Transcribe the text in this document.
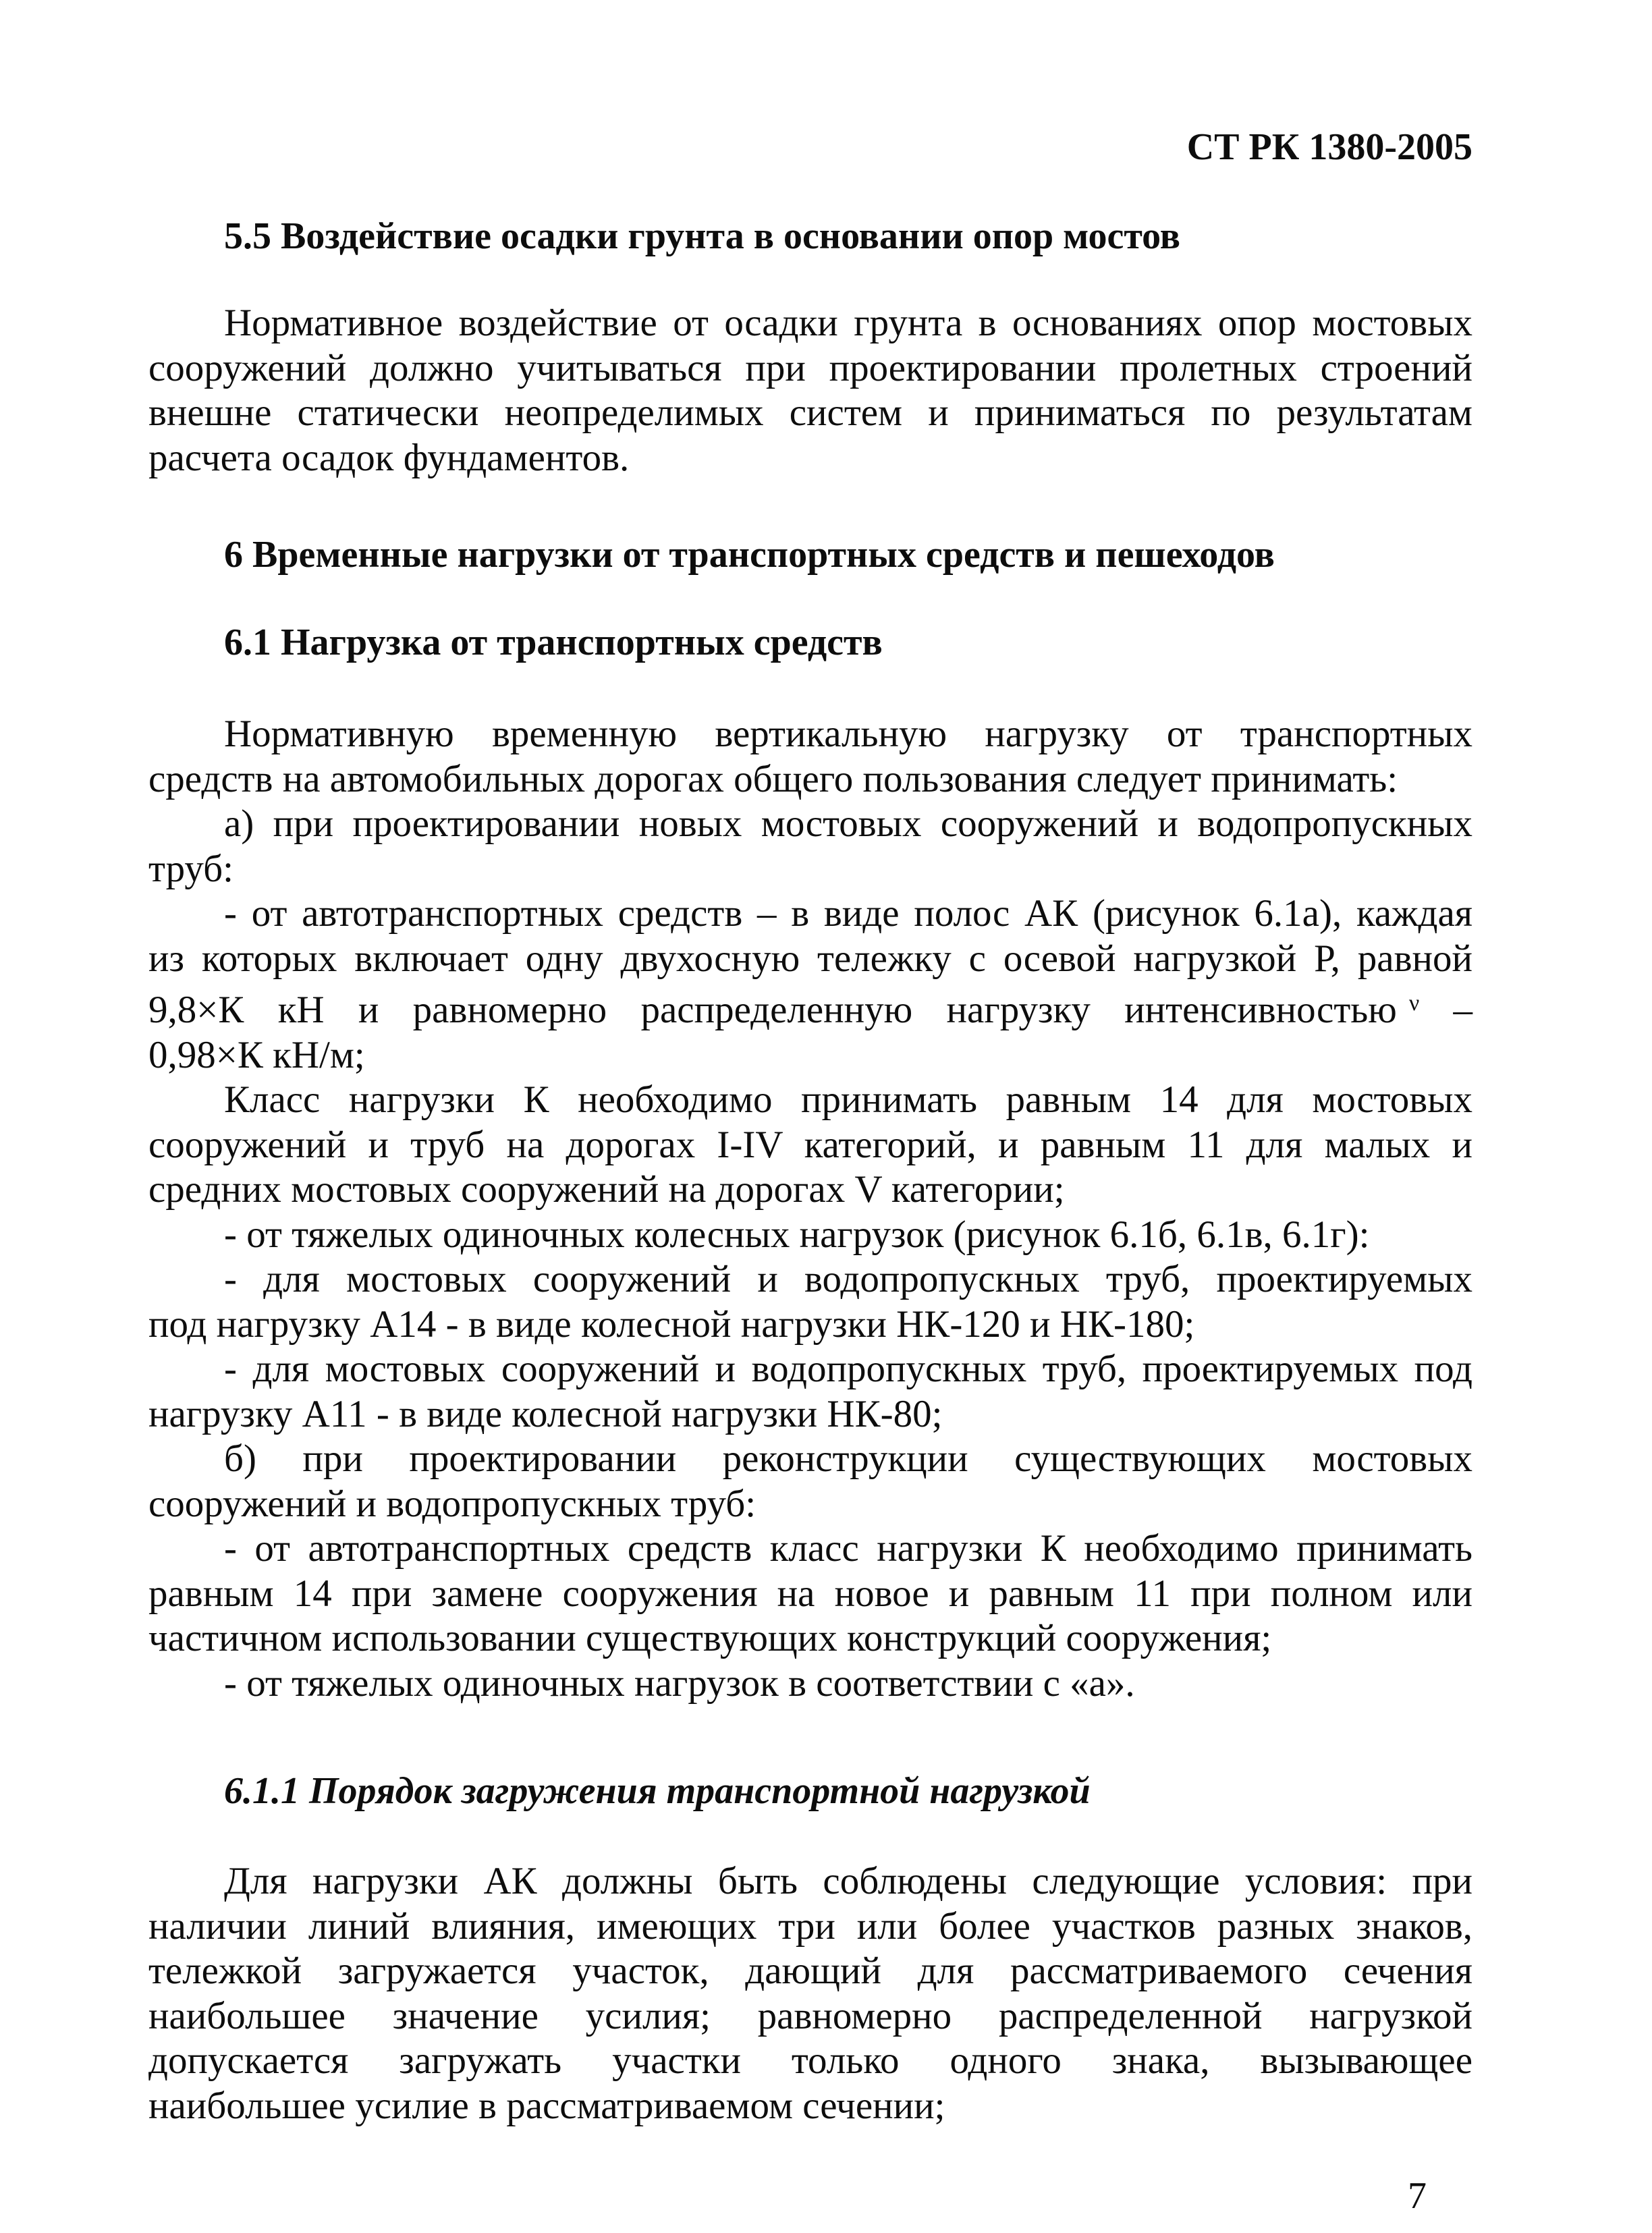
СТ РК 1380-2005
5.5 Воздействие осадки грунта в основании опор мостов
Нормативное воздействие от осадки грунта в основаниях опор мостовых
сооружений должно учитываться при проектировании пролетных строений
внешне статически неопределимых систем и приниматься по результатам
расчета осадок фундаментов.
6 Временные нагрузки от транспортных средств и пешеходов
6.1 Нагрузка от транспортных средств
Нормативную временную вертикальную нагрузку от транспортных
средств на автомобильных дорогах общего пользования следует принимать:
а) при проектировании новых мостовых сооружений и водопропускных
труб:
- от автотранспортных средств – в виде полос АК (рисунок 6.1а), каждая
из которых включает одну двухосную тележку с осевой нагрузкой Р, равной
9,8×К кН и равномерно распределенную нагрузку интенсивностью $^\nu$ –
0,98×К кН/м;
Класс нагрузки К необходимо принимать равным 14 для мостовых
сооружений и труб на дорогах I-IV категорий, и равным 11 для малых и
средних мостовых сооружений на дорогах V категории;
- от тяжелых одиночных колесных нагрузок (рисунок 6.1б, 6.1в, 6.1г):
- для мостовых сооружений и водопропускных труб, проектируемых
под нагрузку А14 - в виде колесной нагрузки НК-120 и НК-180;
- для мостовых сооружений и водопропускных труб, проектируемых под
нагрузку А11 - в виде колесной нагрузки НК-80;
б) при проектировании реконструкции существующих мостовых
сооружений и водопропускных труб:
- от автотранспортных средств класс нагрузки К необходимо принимать
равным 14 при замене сооружения на новое и равным 11 при полном или
частичном использовании существующих конструкций сооружения;
- от тяжелых одиночных нагрузок в соответствии с «а».
6.1.1 Порядок загружения транспортной нагрузкой
Для нагрузки АК должны быть соблюдены следующие условия: при
наличии линий влияния, имеющих три или более участков разных знаков,
тележкой загружается участок, дающий для рассматриваемого сечения
наибольшее значение усилия; равномерно распределенной нагрузкой
допускается загружать участки только одного знака, вызывающее
наибольшее усилие в рассматриваемом сечении;
7
